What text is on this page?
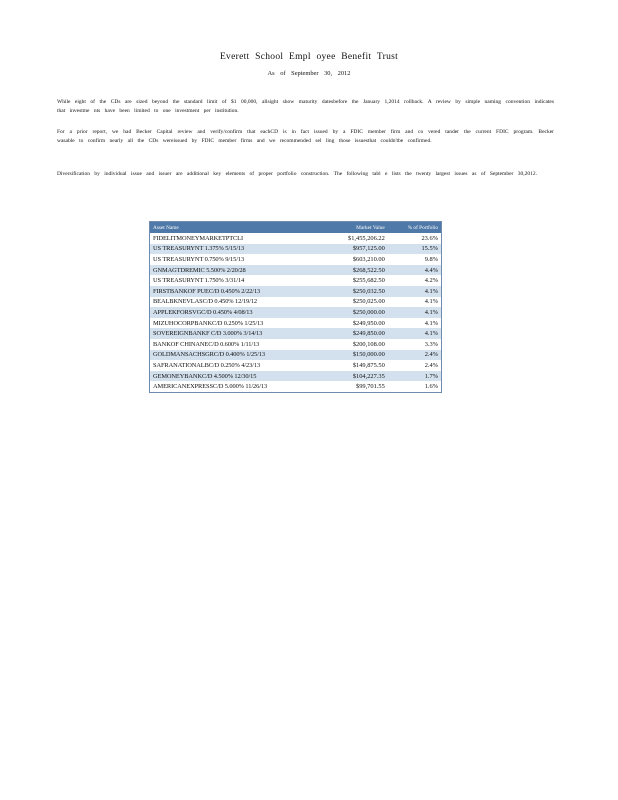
Everett School Empl oyee Benefit Trust
As of September 30, 2012
While eight of the CDs are sized beyond the standard limit of $1 00,000, allsight show maturity datesbefore the January 1,2014 rollback. A review by simple naming convention indicates that investme nts have been limited to one investment per institution.
For a prior report, we had Becker Capital review and verify/confirm that eachCD is in fact issued by a FDIC member firm and co vered tander the current FDIC program. Becker wasable to confirm nearly all the CDs wereissued by FDIC member firms and we recommended sel ling those issuesthat couldn'tbe confirmed.
Diversification by individual issue and issuer are additional key elements of proper portfolio construction. The following tabl e lists the twenty largest issues as of September 30,2012.
Asset Name	Market Value	% of Portfolio
FIDELITMONEYMARKETPTCLI	$1,455,206.22	23.6%
US TREASURYNT 1.375% 5/15/13	$957,125.00	15.5%
US TREASURYNT 0.750% 9/15/13	$603,210.00	9.8%
GNMAGTDREMIC 5.500% 2/20/28	$268,522.50	4.4%
US TREASURYNT 1.750% 3/31/14	$255,682.50	4.2%
FIRSTBANKOF PUEC/D 0.450% 2/22/13	$250,032.50	4.1%
BEALBKNEVLASC/D 0.450% 12/19/12	$250,025.00	4.1%
APPLEKFORSVGC/D 0.450% 4/08/13	$250,000.00	4.1%
MIZUHOCORPBANKC/D 0.250% 1/25/13	$249,950.00	4.1%
SOVEREIGNBANKF C/D 3.000% 3/14/13	$249,850.00	4.1%
BANKOF CHINANEC/D 0.600% 1/11/13	$200,108.00	3.3%
GOLDMANSACHSGRC/D 0.400% 1/25/13	$150,000.00	2.4%
SAFRANATIONALBC/D 0.250% 4/23/13	$149,875.50	2.4%
GEMONEYBANKC/D 4.500% 12/30/15	$104,227.35	1.7%
AMERICANEXPRESSC/D 5.000% 11/26/13	$99,701.55	1.6%
